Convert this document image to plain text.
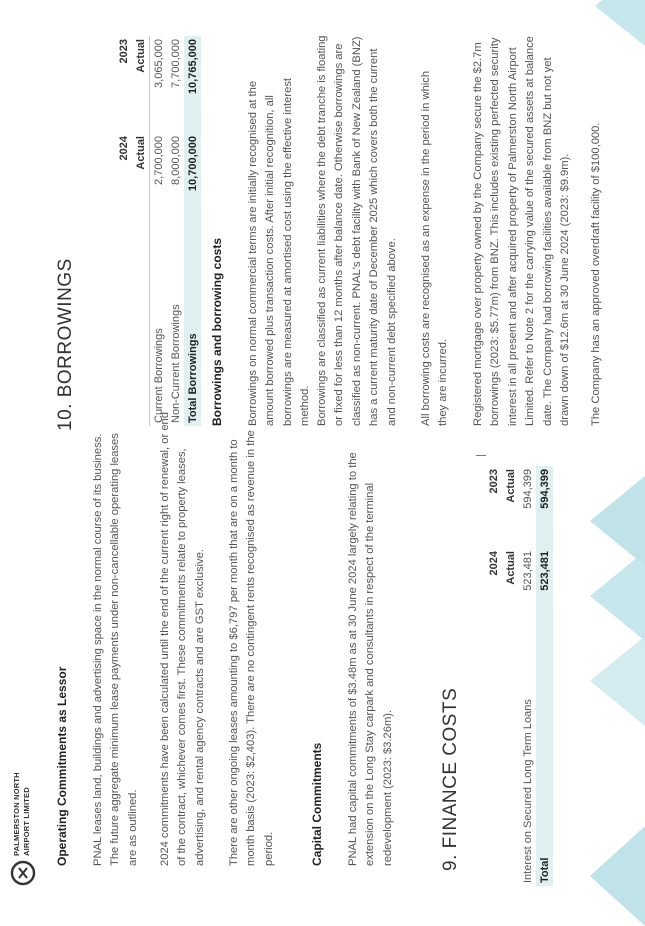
PALMERSTON NORTH AIRPORT LIMITED Operating Commitments as Lessor PNAL leases land, buildings and advertising space in the normal course of its business. The future aggregate minimum lease payments under non-cancellable operating leases are as outlined.	2024 commitments have been calculated until the end of the current right of renewal, or end of the contract, whichever comes first. These commitments relate to property leases, advertising, and rental agency contracts and are GST exclusive.	There are other ongoing leases amounting to $6,797 per month that are on a month to month basis (2023: $2,403). There are no contingent rents recognised as revenue in the period.	Capital Commitments PNAL had capital commitments of $3.48m as at 30 June 2024 largely relating to the extension on the Long Stay carpark and consultants in respect of the terminal redevelopment (2023: $3.26m). 9. FINANCE COSTS
	2024	2023
	Actual	Actual
Interest on Secured Long Term Loans	523,481	594,399
Total	523,481	594,399
10. BORROWINGS
	2024	2023
	Actual	Actual
Current Borrowings	2,700,000	3,065,000
Non-Current Borrowings	8,000,000	7,700,000
Total Borrowings	10,700,000	10,765,000
Borrowings and borrowing costs Borrowings on normal commercial terms are initially recognised at the amount borrowed plus transaction costs. After initial recognition, all borrowings are measured at amortised cost using the effective interest method. Borrowings are classified as current liabilities where the debt tranche is floating or fixed for less than 12 months after balance date. Otherwise borrowings are classified as non-current. PNAL's debt facility with Bank of New Zealand (BNZ) has a current maturity date of December 2025 which covers both the current and non-current debt specified above.	All borrowing costs are recognised as an expense in the period in which they are incurred.	Registered mortgage over property owned by the Company secure the $2.7m borrowings (2023: $5.77m) from BNZ. This includes existing perfected security interest in all present and after acquired property of Palmerston North Airport Limited. Refer to Note 2 for the carrying value of the secured assets at balance date. The Company had borrowing facilities available from BNZ but not yet drawn down of $12.6m at 30 June 2024 (2023: $9.9m).	The Company has an approved overdraft facility of $100,000.
